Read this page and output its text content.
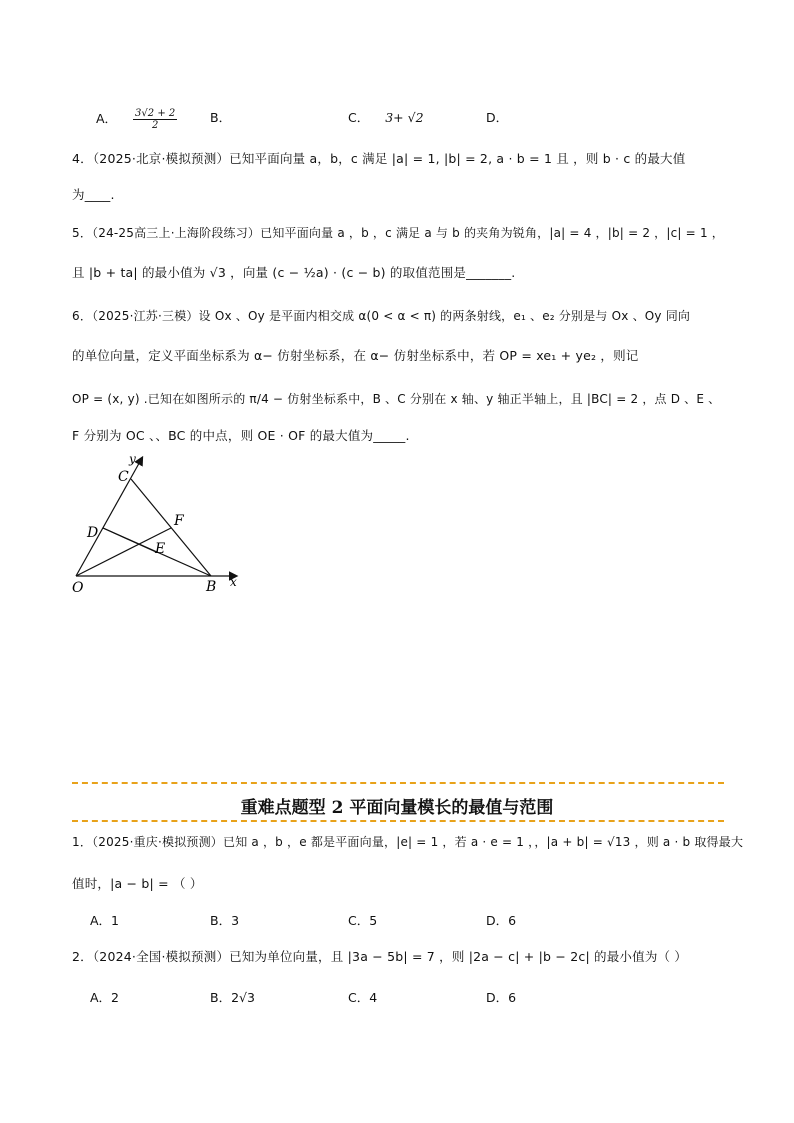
A． $\frac{3√2 + 2}{2}$	B．	C． 3+ √2	D．
4．（2025·北京·模拟预测）已知平面向量 a，b，c 满足 |a| = 1, |b| = 2, a · b = 1 且 ，则 b · c 的最大值
为____.
5．（24-25高三上·上海阶段练习）已知平面向量 a ，b ，c 满足 a 与 b 的夹角为锐角，|a| = 4 ，|b| = 2 ，|c| = 1 ，
且 |b + ta| 的最小值为 √3 ，向量 (c − ½a) · (c − b) 的取值范围是_______.
6．（2025·江苏·三模）设 Ox 、Oy 是平面内相交成 α(0 < α < π) 的两条射线，e₁ 、e₂ 分别是与 Ox 、Oy 同向
的单位向量，定义平面坐标系为 α− 仿射坐标系，在 α− 仿射坐标系中，若 OP = xe₁ + ye₂ ，则记
OP = (x, y) .已知在如图所示的 π/4 − 仿射坐标系中，B 、C 分别在 x 轴、y 轴正半轴上，且 |BC| = 2 ，点 D 、E 、
F 分别为 OC 、、BC 的中点，则 OE · OF 的最大值为_____.
O	B x
y
C
D
F
E
重难点题型 2 平面向量模长的最值与范围
1．（2025·重庆·模拟预测）已知 a ，b ，e 都是平面向量，|e| = 1 ，若 a · e = 1 ，，|a + b| = √13 ，则 a · b 取得最大
值时，|a − b| = （ ）
A．1	B．3	C．5	D．6
2．（2024·全国·模拟预测）已知为单位向量，且 |3a − 5b| = 7 ，则 |2a − c| + |b − 2c| 的最小值为（ ）
A．2	B．2√3	C．4	D．6
